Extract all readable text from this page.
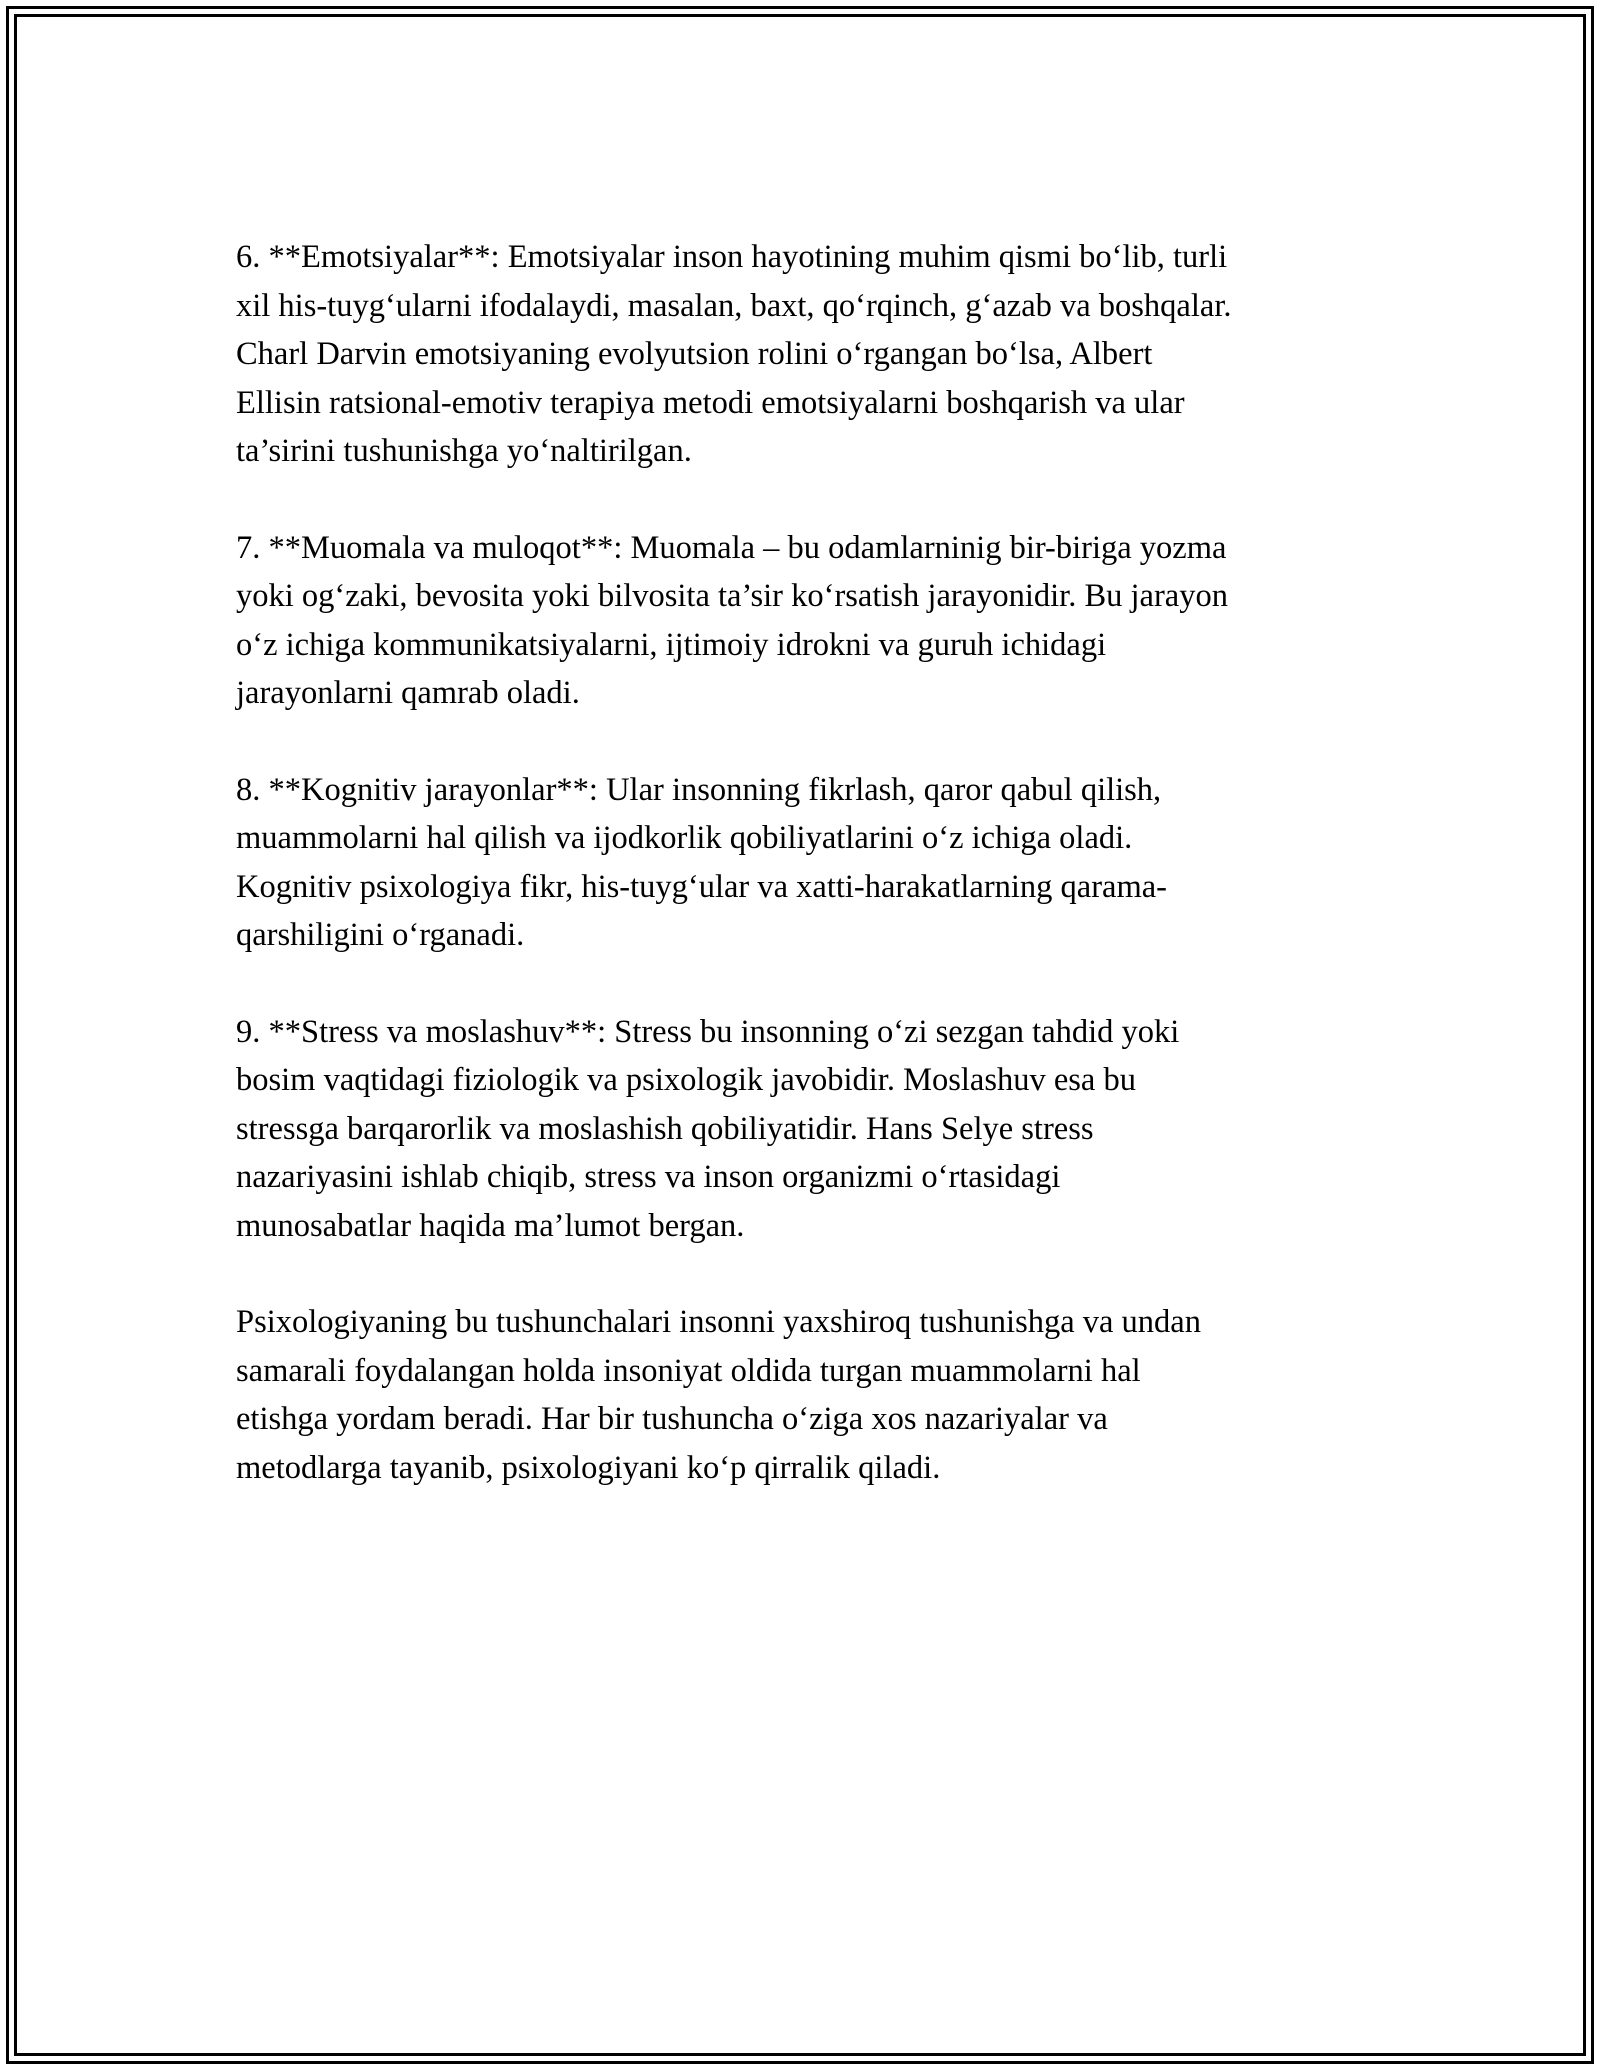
6. **Emotsiyalar**: Emotsiyalar inson hayotining muhim qismi bo‘lib, turli
xil his-tuyg‘ularni ifodalaydi, masalan, baxt, qo‘rqinch, g‘azab va boshqalar.
Charl Darvin emotsiyaning evolyutsion rolini o‘rgangan bo‘lsa, Albert
Ellisin ratsional-emotiv terapiya metodi emotsiyalarni boshqarish va ular
ta’sirini tushunishga yo‘naltirilgan.

7. **Muomala va muloqot**: Muomala – bu odamlarninig bir-biriga yozma
yoki og‘zaki, bevosita yoki bilvosita ta’sir ko‘rsatish jarayonidir. Bu jarayon
o‘z ichiga kommunikatsiyalarni, ijtimoiy idrokni va guruh ichidagi
jarayonlarni qamrab oladi.

8. **Kognitiv jarayonlar**: Ular insonning fikrlash, qaror qabul qilish,
muammolarni hal qilish va ijodkorlik qobiliyatlarini o‘z ichiga oladi.
Kognitiv psixologiya fikr, his-tuyg‘ular va xatti-harakatlarning qarama-
qarshiligini o‘rganadi.

9. **Stress va moslashuv**: Stress bu insonning o‘zi sezgan tahdid yoki
bosim vaqtidagi fiziologik va psixologik javobidir. Moslashuv esa bu
stressga barqarorlik va moslashish qobiliyatidir. Hans Selye stress
nazariyasini ishlab chiqib, stress va inson organizmi o‘rtasidagi
munosabatlar haqida ma’lumot bergan.

Psixologiyaning bu tushunchalari insonni yaxshiroq tushunishga va undan
samarali foydalangan holda insoniyat oldida turgan muammolarni hal
etishga yordam beradi. Har bir tushuncha o‘ziga xos nazariyalar va
metodlarga tayanib, psixologiyani ko‘p qirralik qiladi.
